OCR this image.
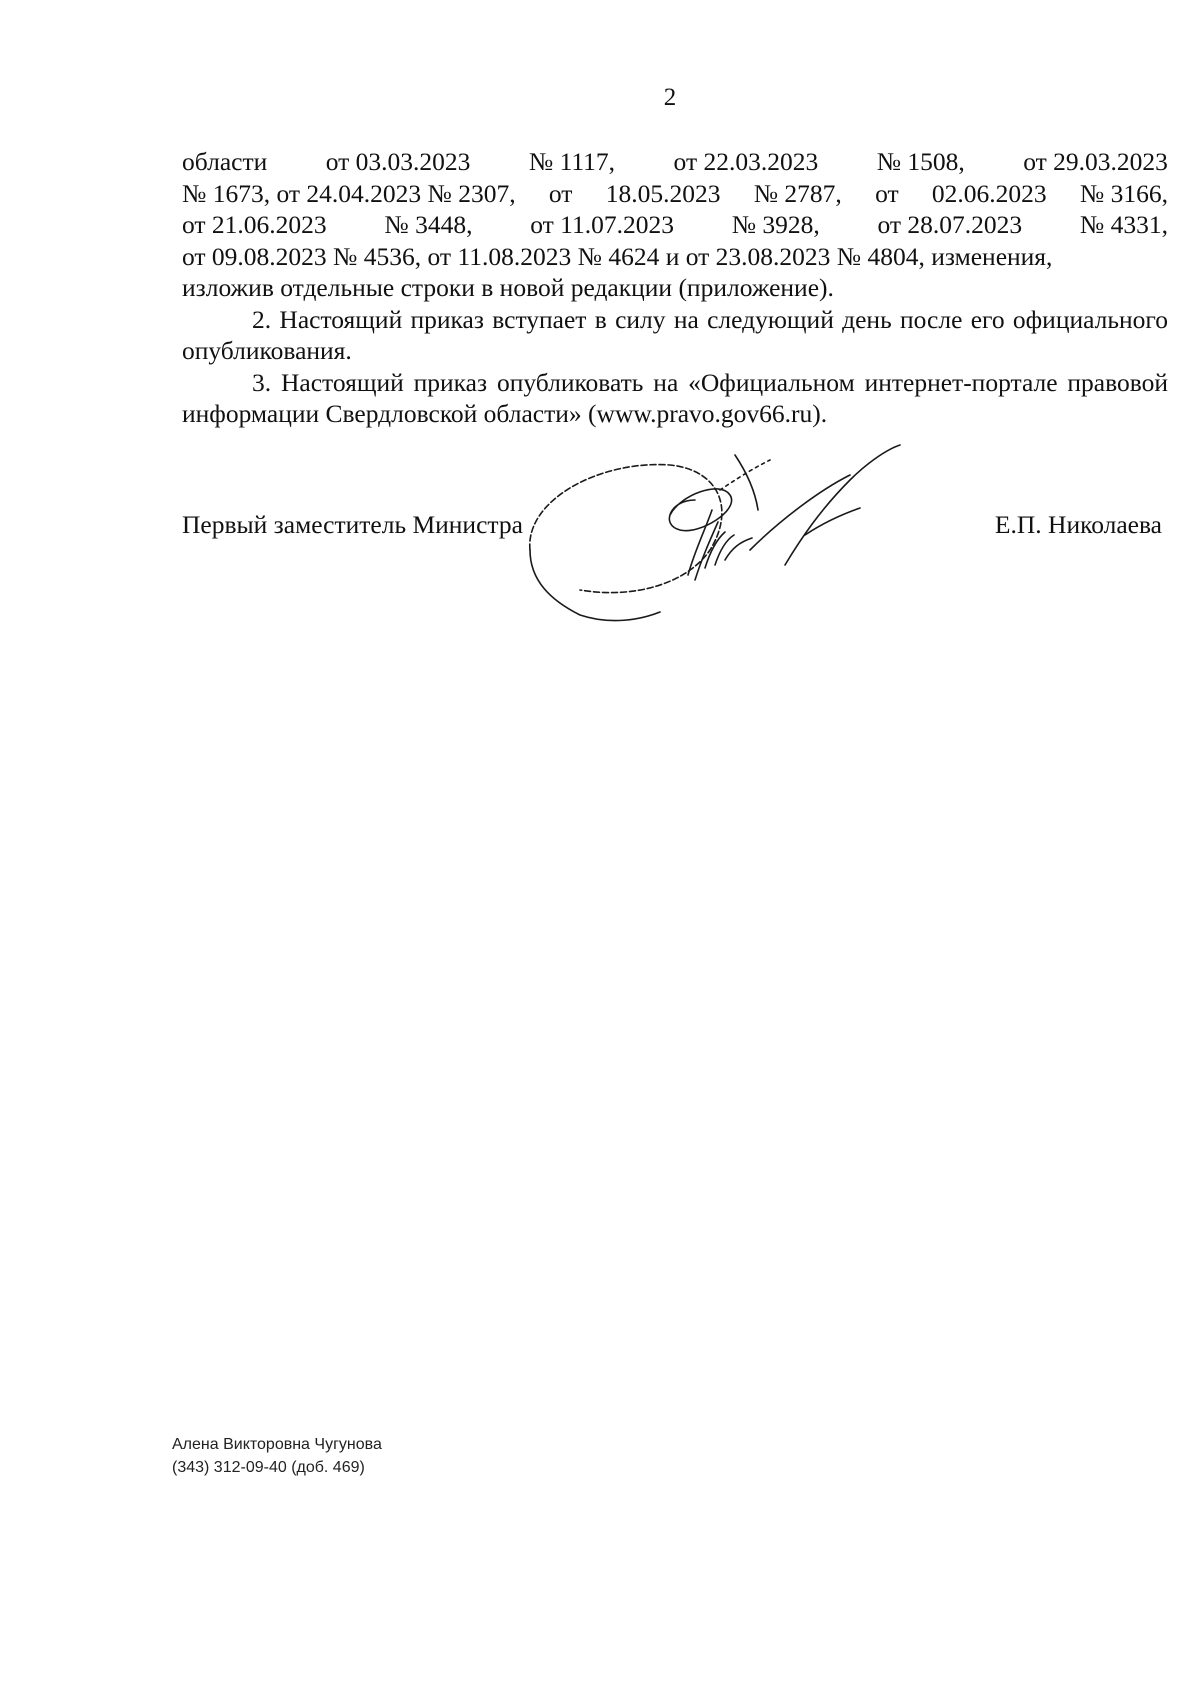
2

области от 03.03.2023 № 1117, от 22.03.2023 № 1508, от 29.03.2023
№ 1673, от 24.04.2023 № 2307, от 18.05.2023 № 2787, от 02.06.2023 № 3166,
от 21.06.2023 № 3448, от 11.07.2023 № 3928, от 28.07.2023 № 4331,
от 09.08.2023 № 4536, от 11.08.2023 № 4624 и от 23.08.2023 № 4804, изменения,
изложив отдельные строки в новой редакции (приложение).

2. Настоящий приказ вступает в силу на следующий день после его официального опубликования.

3. Настоящий приказ опубликовать на «Официальном интернет-портале правовой информации Свердловской области» (www.pravo.gov66.ru).

Первый заместитель Министра	Е.П. Николаева
Алена Викторовна Чугунова
(343) 312-09-40 (доб. 469)
